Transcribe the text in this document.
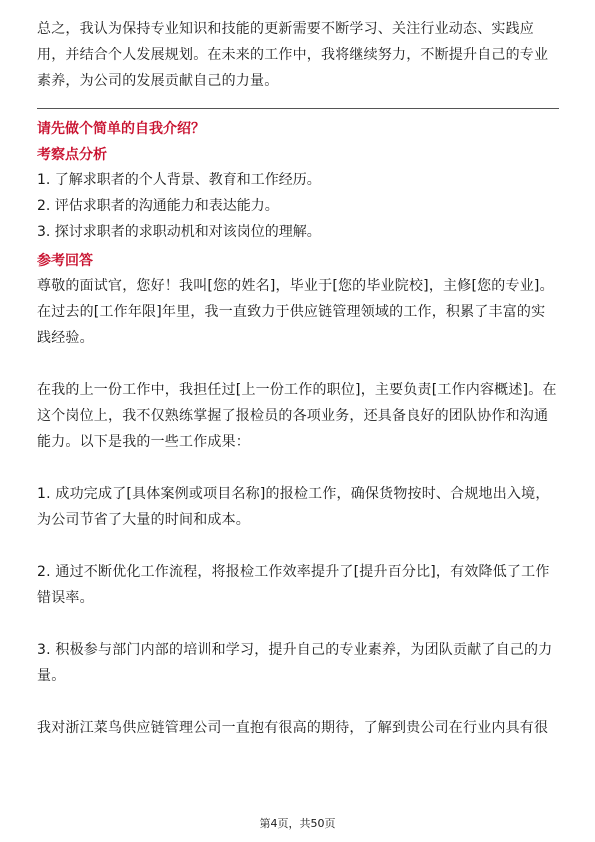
总之，我认为保持专业知识和技能的更新需要不断学习、关注行业动态、实践应用，并结合个人发展规划。在未来的工作中，我将继续努力，不断提升自己的专业素养，为公司的发展贡献自己的力量。

请先做个简单的自我介绍？

考察点分析

1. 了解求职者的个人背景、教育和工作经历。

2. 评估求职者的沟通能力和表达能力。

3. 探讨求职者的求职动机和对该岗位的理解。

参考回答

尊敬的面试官，您好！我叫[您的姓名]，毕业于[您的毕业院校]，主修[您的专业]。在过去的[工作年限]年里，我一直致力于供应链管理领域的工作，积累了丰富的实践经验。

在我的上一份工作中，我担任过[上一份工作的职位]，主要负责[工作内容概述]。在这个岗位上，我不仅熟练掌握了报检员的各项业务，还具备良好的团队协作和沟通能力。以下是我的一些工作成果：

1. 成功完成了[具体案例或项目名称]的报检工作，确保货物按时、合规地出入境，为公司节省了大量的时间和成本。

2. 通过不断优化工作流程，将报检工作效率提升了[提升百分比]，有效降低了工作错误率。

3. 积极参与部门内部的培训和学习，提升自己的专业素养，为团队贡献了自己的力量。

我对浙江菜鸟供应链管理公司一直抱有很高的期待，了解到贵公司在行业内具有很

第4页，共50页
